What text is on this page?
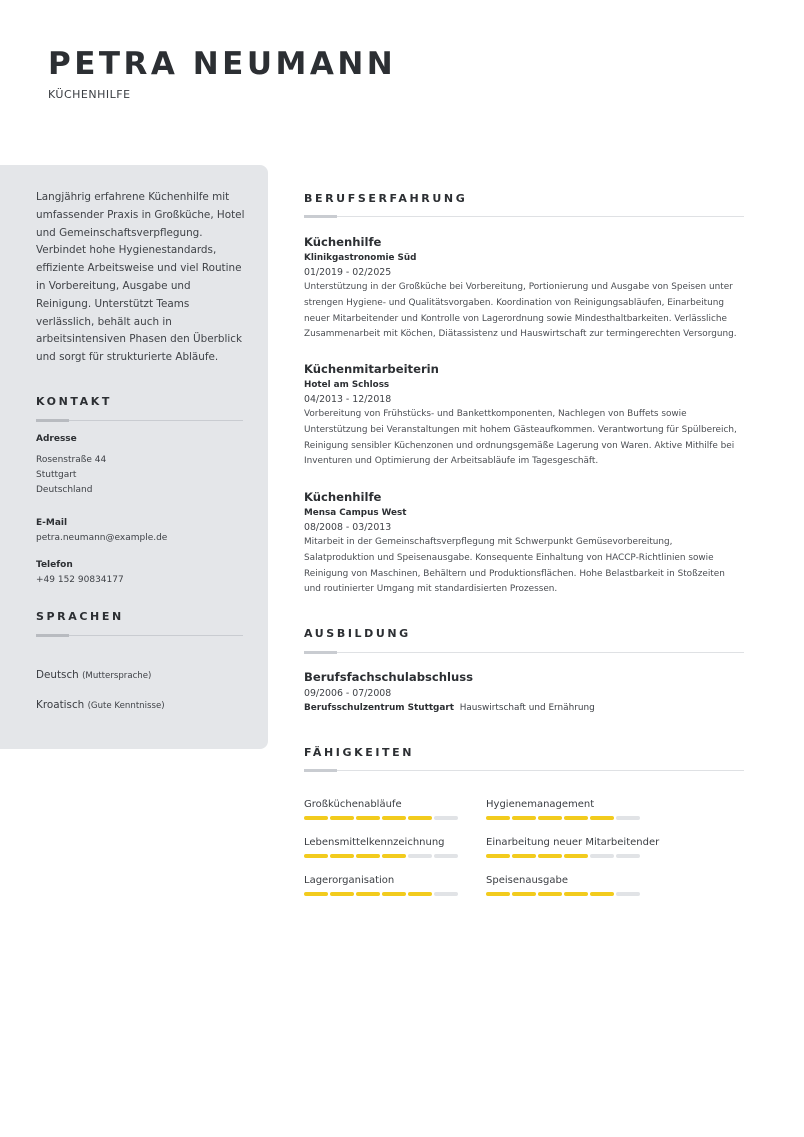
PETRA NEUMANN
KÜCHENHILFE

Langjährig erfahrene Küchenhilfe mit umfassender Praxis in Großküche, Hotel und Gemeinschaftsverpflegung. Verbindet hohe Hygienestandards, effiziente Arbeitsweise und viel Routine in Vorbereitung, Ausgabe und Reinigung. Unterstützt Teams verlässlich, behält auch in arbeitsintensiven Phasen den Überblick und sorgt für strukturierte Abläufe.

KONTAKT
Adresse
Rosenstraße 44
Stuttgart
Deutschland
E-Mail
petra.neumann@example.de
Telefon
+49 152 90834177
SPRACHEN
Deutsch (Muttersprache)
Kroatisch (Gute Kenntnisse)
BERUFSERFAHRUNG
Küchenhilfe
Klinikgastronomie Süd
01/2019 - 02/2025

Unterstützung in der Großküche bei Vorbereitung, Portionierung und Ausgabe von Speisen unter strengen Hygiene- und Qualitätsvorgaben. Koordination von Reinigungsabläufen, Einarbeitung neuer Mitarbeitender und Kontrolle von Lagerordnung sowie Mindesthaltbarkeiten. Verlässliche Zusammenarbeit mit Köchen, Diätassistenz und Hauswirtschaft zur termingerechten Versorgung.

Küchenmitarbeiterin
Hotel am Schloss
04/2013 - 12/2018

Vorbereitung von Frühstücks- und Bankettkomponenten, Nachlegen von Buffets sowie Unterstützung bei Veranstaltungen mit hohem Gästeaufkommen. Verantwortung für Spülbereich, Reinigung sensibler Küchenzonen und ordnungsgemäße Lagerung von Waren. Aktive Mithilfe bei Inventuren und Optimierung der Arbeitsabläufe im Tagesgeschäft.

Küchenhilfe
Mensa Campus West
08/2008 - 03/2013

Mitarbeit in der Gemeinschaftsverpflegung mit Schwerpunkt Gemüsevorbereitung, Salatproduktion und Speisenausgabe. Konsequente Einhaltung von HACCP-Richtlinien sowie Reinigung von Maschinen, Behältern und Produktionsflächen. Hohe Belastbarkeit in Stoßzeiten und routinierter Umgang mit standardisierten Prozessen.

AUSBILDUNG
Berufsfachschulabschluss
09/2006 - 07/2008
Berufsschulzentrum Stuttgart Hauswirtschaft und Ernährung
FÄHIGKEITEN
Großküchenabläufe	Hygienemanagement
Lebensmittelkennzeichnung	Einarbeitung neuer Mitarbeitender
Lagerorganisation	Speisenausgabe
